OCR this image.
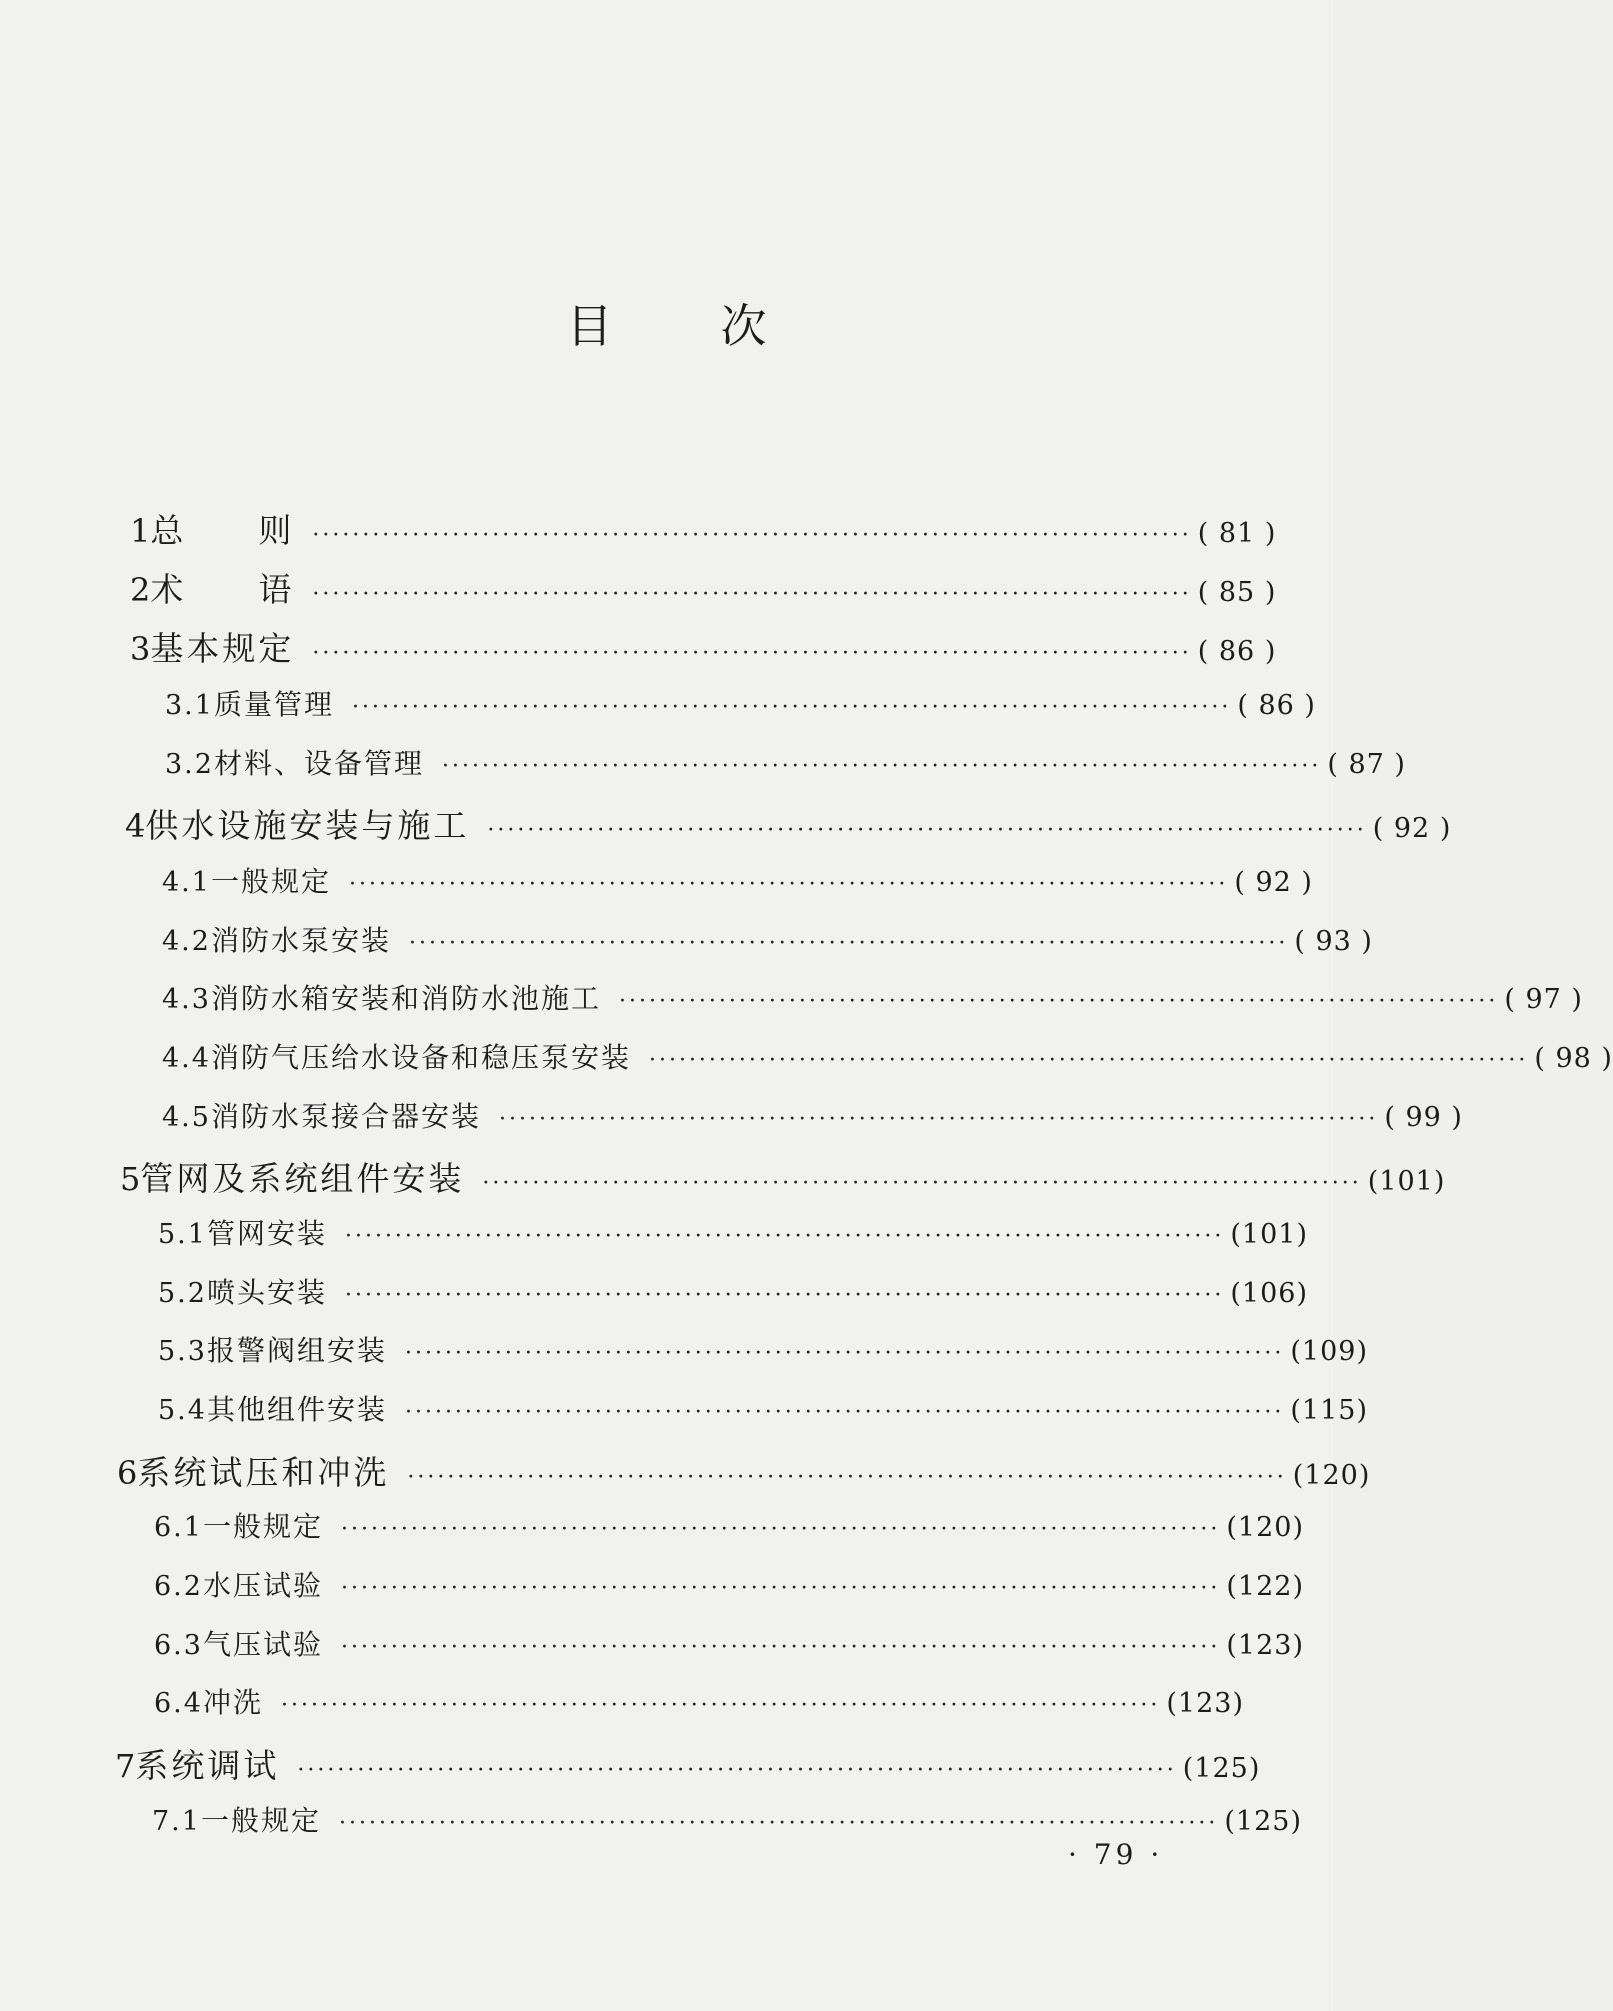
目 次
1 总　　则 ························································································ ( 81 )
2 术　　语 ························································································ ( 85 )
3 基本规定 ························································································ ( 86 )
3.1 质量管理 ························································································ ( 86 )
3.2 材料、设备管理 ························································································ ( 87 )
4 供水设施安装与施工 ························································································ ( 92 )
4.1 一般规定 ························································································ ( 92 )
4.2 消防水泵安装 ························································································ ( 93 )
4.3 消防水箱安装和消防水池施工 ························································································ ( 97 )
4.4 消防气压给水设备和稳压泵安装 ························································································ ( 98 )
4.5 消防水泵接合器安装 ························································································ ( 99 )
5 管网及系统组件安装 ························································································ (101)
5.1 管网安装 ························································································ (101)
5.2 喷头安装 ························································································ (106)
5.3 报警阀组安装 ························································································ (109)
5.4 其他组件安装 ························································································ (115)
6 系统试压和冲洗 ························································································ (120)
6.1 一般规定 ························································································ (120)
6.2 水压试验 ························································································ (122)
6.3 气压试验 ························································································ (123)
6.4 冲洗 ························································································ (123)
7 系统调试 ························································································ (125)
7.1 一般规定 ························································································ (125)
· 79 ·
